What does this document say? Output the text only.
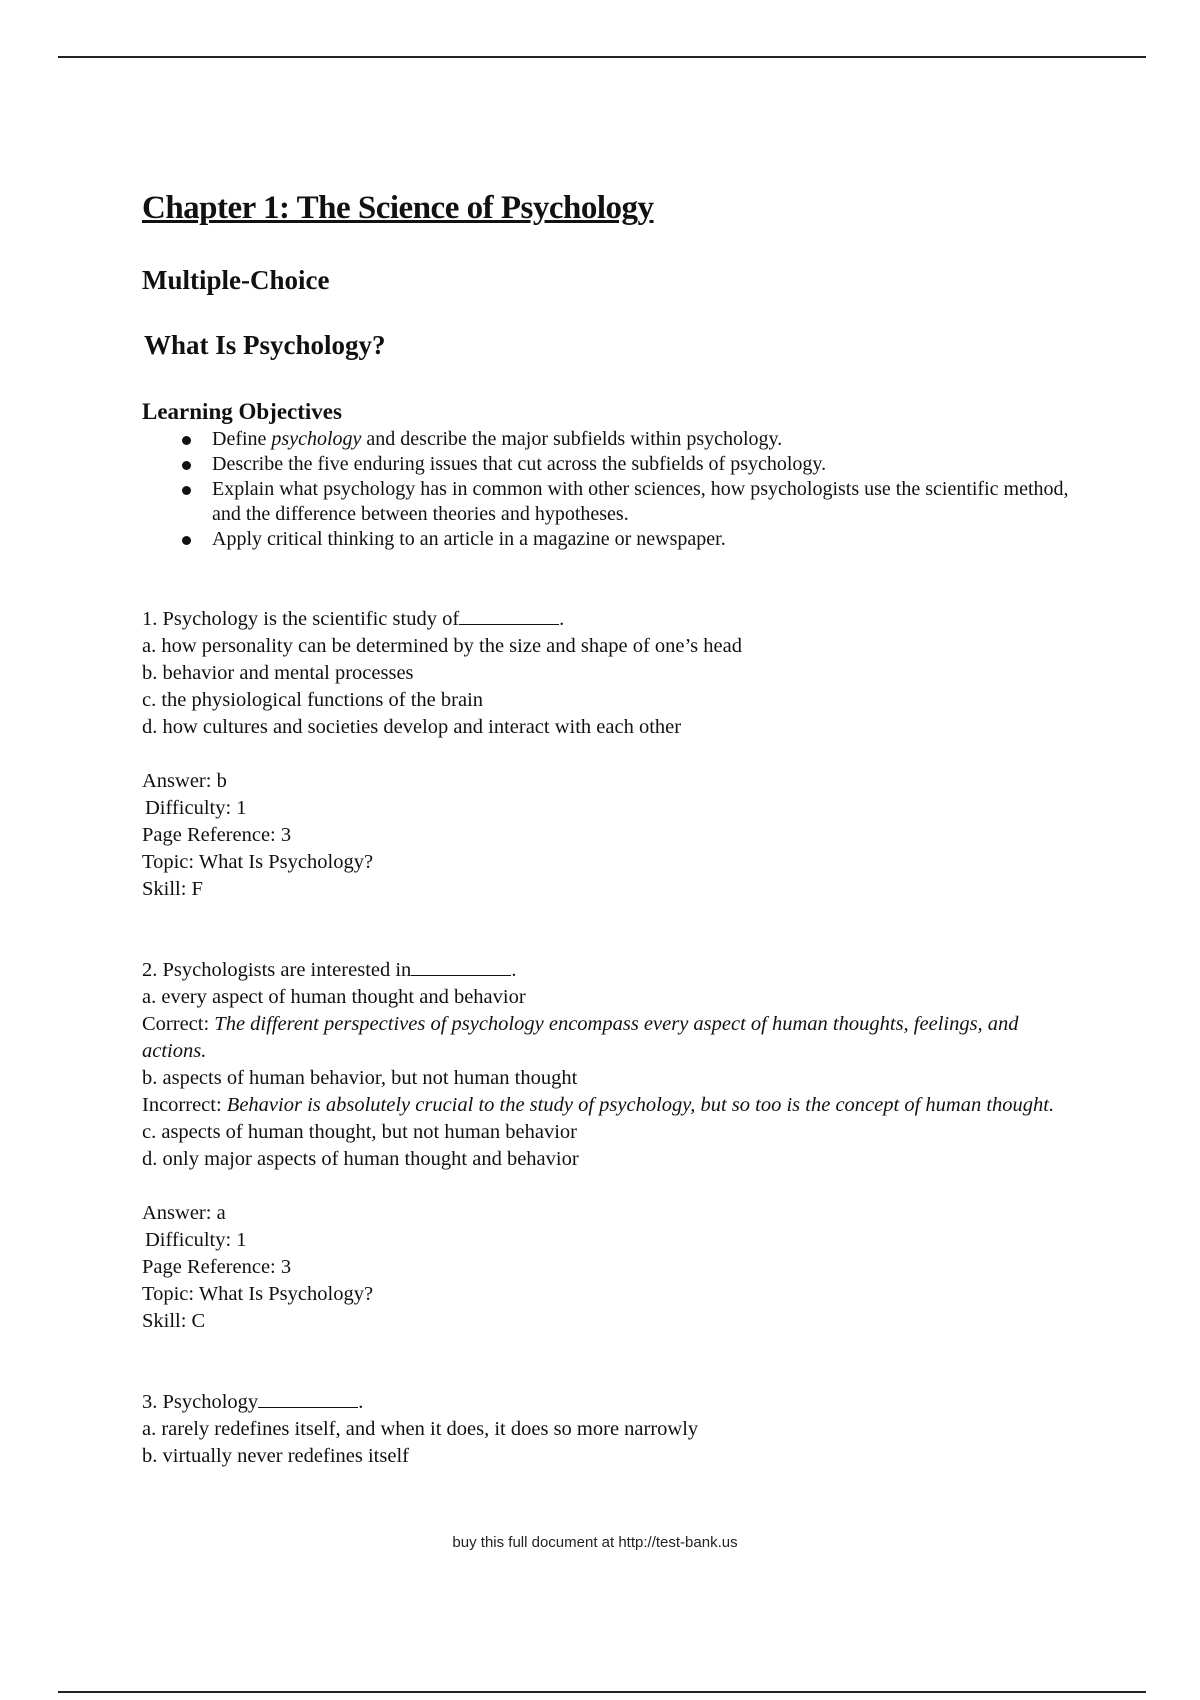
Chapter 1: The Science of Psychology
Multiple-Choice
What Is Psychology?
Learning Objectives
Define psychology and describe the major subfields within psychology.
Describe the five enduring issues that cut across the subfields of psychology.
Explain what psychology has in common with other sciences, how psychologists use the scientific method, and the difference between theories and hypotheses.
Apply critical thinking to an article in a magazine or newspaper.

1. Psychology is the scientific study of	.

a. how personality can be determined by the size and shape of one’s head

b. behavior and mental processes

c. the physiological functions of the brain

d. how cultures and societies develop and interact with each other

Answer: b

Difficulty: 1

Page Reference: 3

Topic: What Is Psychology?

Skill: F

2. Psychologists are interested in	.

a. every aspect of human thought and behavior

Correct: The different perspectives of psychology encompass every aspect of human thoughts, feelings, and actions.

b. aspects of human behavior, but not human thought

Incorrect: Behavior is absolutely crucial to the study of psychology, but so too is the concept of human thought.

c. aspects of human thought, but not human behavior

d. only major aspects of human thought and behavior

Answer: a

Difficulty: 1

Page Reference: 3

Topic: What Is Psychology?

Skill: C

3. Psychology	.

a. rarely redefines itself, and when it does, it does so more narrowly

b. virtually never redefines itself

buy this full document at http://test-bank.us
